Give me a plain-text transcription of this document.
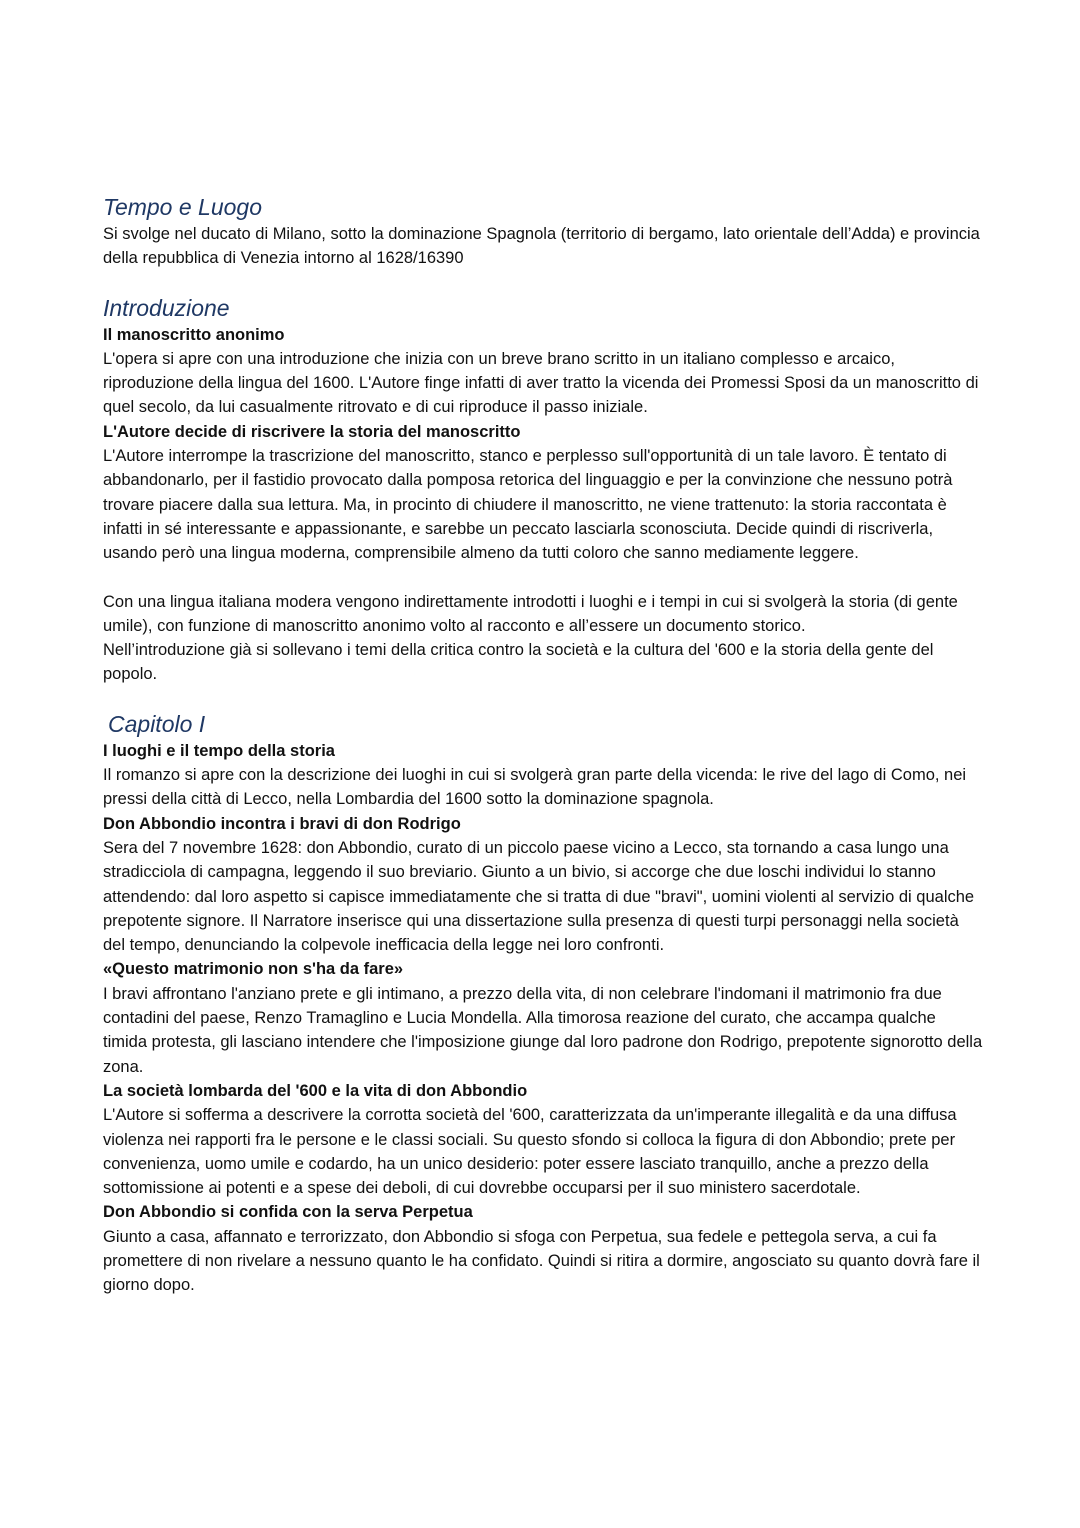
Tempo e Luogo

Si svolge nel ducato di Milano, sotto la dominazione Spagnola (territorio di bergamo, lato orientale dell’Adda) e provincia della repubblica di Venezia intorno al 1628/16390

Introduzione
Il manoscritto anonimo

L'opera si apre con una introduzione che inizia con un breve brano scritto in un italiano complesso e arcaico, riproduzione della lingua del 1600. L'Autore finge infatti di aver tratto la vicenda dei Promessi Sposi da un manoscritto di quel secolo, da lui casualmente ritrovato e di cui riproduce il passo iniziale.

L'Autore decide di riscrivere la storia del manoscritto

L'Autore interrompe la trascrizione del manoscritto, stanco e perplesso sull'opportunità di un tale lavoro. È tentato di abbandonarlo, per il fastidio provocato dalla pomposa retorica del linguaggio e per la convinzione che nessuno potrà trovare piacere dalla sua lettura. Ma, in procinto di chiudere il manoscritto, ne viene trattenuto: la storia raccontata è infatti in sé interessante e appassionante, e sarebbe un peccato lasciarla sconosciuta. Decide quindi di riscriverla, usando però una lingua moderna, comprensibile almeno da tutti coloro che sanno mediamente leggere.

Con una lingua italiana modera vengono indirettamente introdotti i luoghi e i tempi in cui si svolgerà la storia (di gente umile), con funzione di manoscritto anonimo volto al racconto e all’essere un documento storico.

Nell’introduzione già si sollevano i temi della critica contro la società e la cultura del '600 e la storia della gente del popolo.

Capitolo I
I luoghi e il tempo della storia

Il romanzo si apre con la descrizione dei luoghi in cui si svolgerà gran parte della vicenda: le rive del lago di Como, nei pressi della città di Lecco, nella Lombardia del 1600 sotto la dominazione spagnola.

Don Abbondio incontra i bravi di don Rodrigo

Sera del 7 novembre 1628: don Abbondio, curato di un piccolo paese vicino a Lecco, sta tornando a casa lungo una stradicciola di campagna, leggendo il suo breviario. Giunto a un bivio, si accorge che due loschi individui lo stanno attendendo: dal loro aspetto si capisce immediatamente che si tratta di due "bravi", uomini violenti al servizio di qualche prepotente signore. Il Narratore inserisce qui una dissertazione sulla presenza di questi turpi personaggi nella società del tempo, denunciando la colpevole inefficacia della legge nei loro confronti.

«Questo matrimonio non s'ha da fare»

I bravi affrontano l'anziano prete e gli intimano, a prezzo della vita, di non celebrare l'indomani il matrimonio fra due contadini del paese, Renzo Tramaglino e Lucia Mondella. Alla timorosa reazione del curato, che accampa qualche timida protesta, gli lasciano intendere che l'imposizione giunge dal loro padrone don Rodrigo, prepotente signorotto della zona.

La società lombarda del '600 e la vita di don Abbondio

L'Autore si sofferma a descrivere la corrotta società del '600, caratterizzata da un'imperante illegalità e da una diffusa violenza nei rapporti fra le persone e le classi sociali. Su questo sfondo si colloca la figura di don Abbondio; prete per convenienza, uomo umile e codardo, ha un unico desiderio: poter essere lasciato tranquillo, anche a prezzo della sottomissione ai potenti e a spese dei deboli, di cui dovrebbe occuparsi per il suo ministero sacerdotale.

Don Abbondio si confida con la serva Perpetua

Giunto a casa, affannato e terrorizzato, don Abbondio si sfoga con Perpetua, sua fedele e pettegola serva, a cui fa promettere di non rivelare a nessuno quanto le ha confidato. Quindi si ritira a dormire, angosciato su quanto dovrà fare il giorno dopo.
